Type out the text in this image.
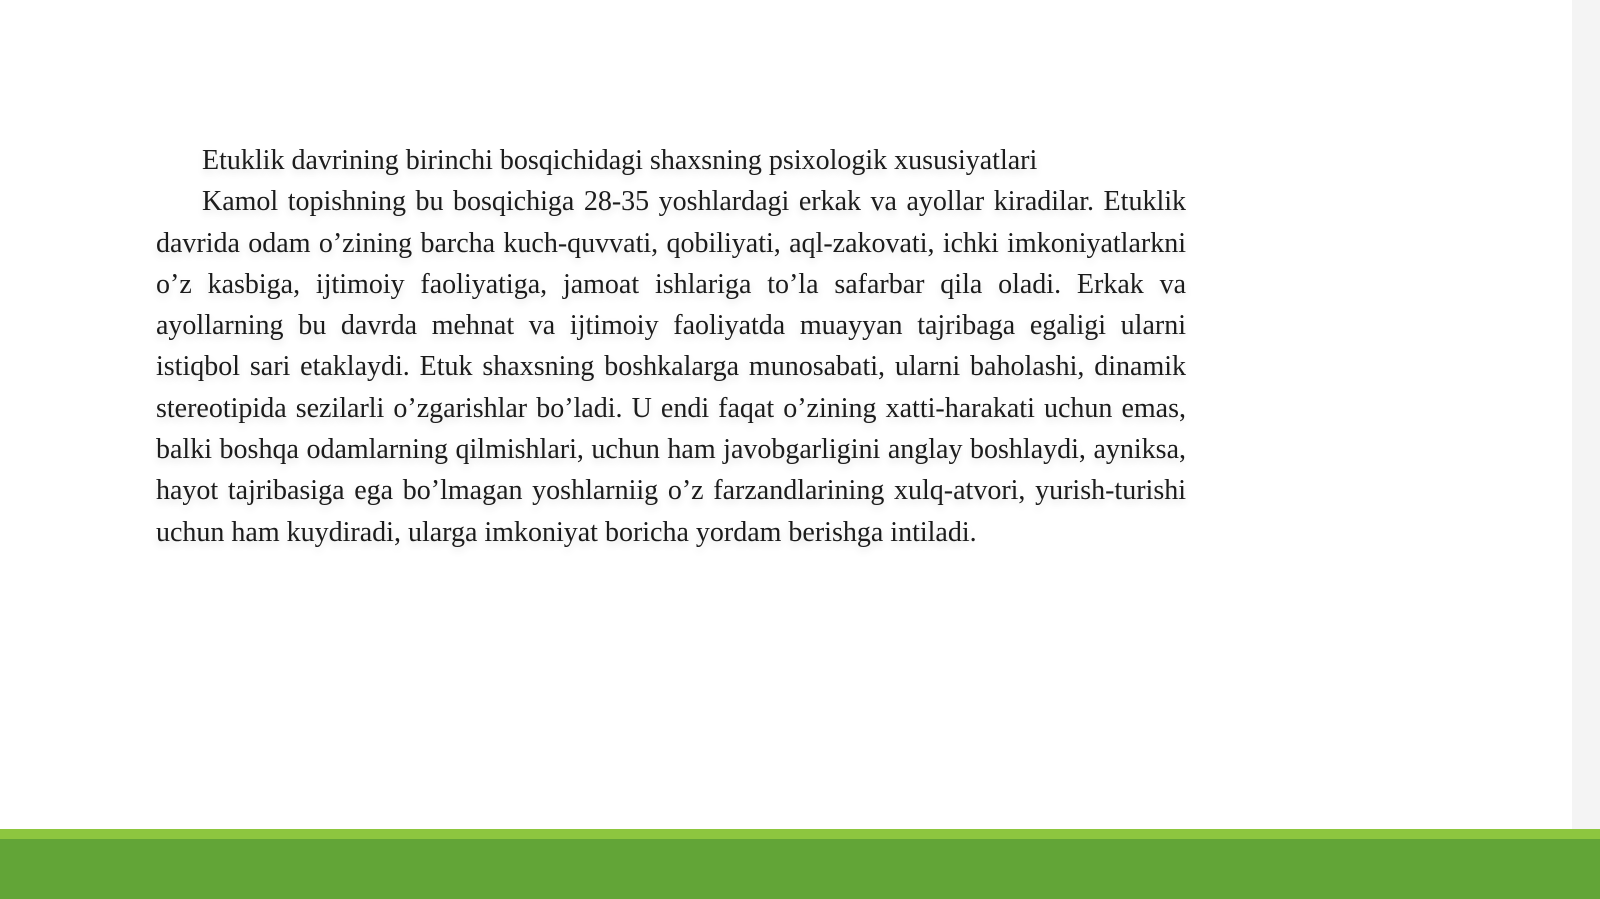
Etuklik davrining birinchi bosqichidagi shaxsning psixologik xususiyatlari

Kamol topishning bu bosqichiga 28-35 yoshlardagi erkak va ayollar kiradilar. Etuklik davrida odam o’zining barcha kuch-quvvati, qobiliyati, aql-zakovati, ichki imkoniyatlarkni o’z kasbiga, ijtimoiy faoliyatiga, jamoat ishlariga to’la safarbar qila oladi. Erkak va ayollarning bu davrda mehnat va ijtimoiy faoliyatda muayyan tajribaga egaligi ularni istiqbol sari etaklaydi. Etuk shaxsning boshkalarga munosabati, ularni baholashi, dinamik stereotipida sezilarli o’zgarishlar bo’ladi. U endi faqat o’zining xatti-harakati uchun emas, balki boshqa odamlarning qilmishlari, uchun ham javobgarligini anglay boshlaydi, ayniksa, hayot tajribasiga ega bo’lmagan yoshlarniig o’z farzandlarining xulq-atvori, yurish-turishi uchun ham kuydiradi, ularga imkoniyat boricha yordam berishga intiladi.
